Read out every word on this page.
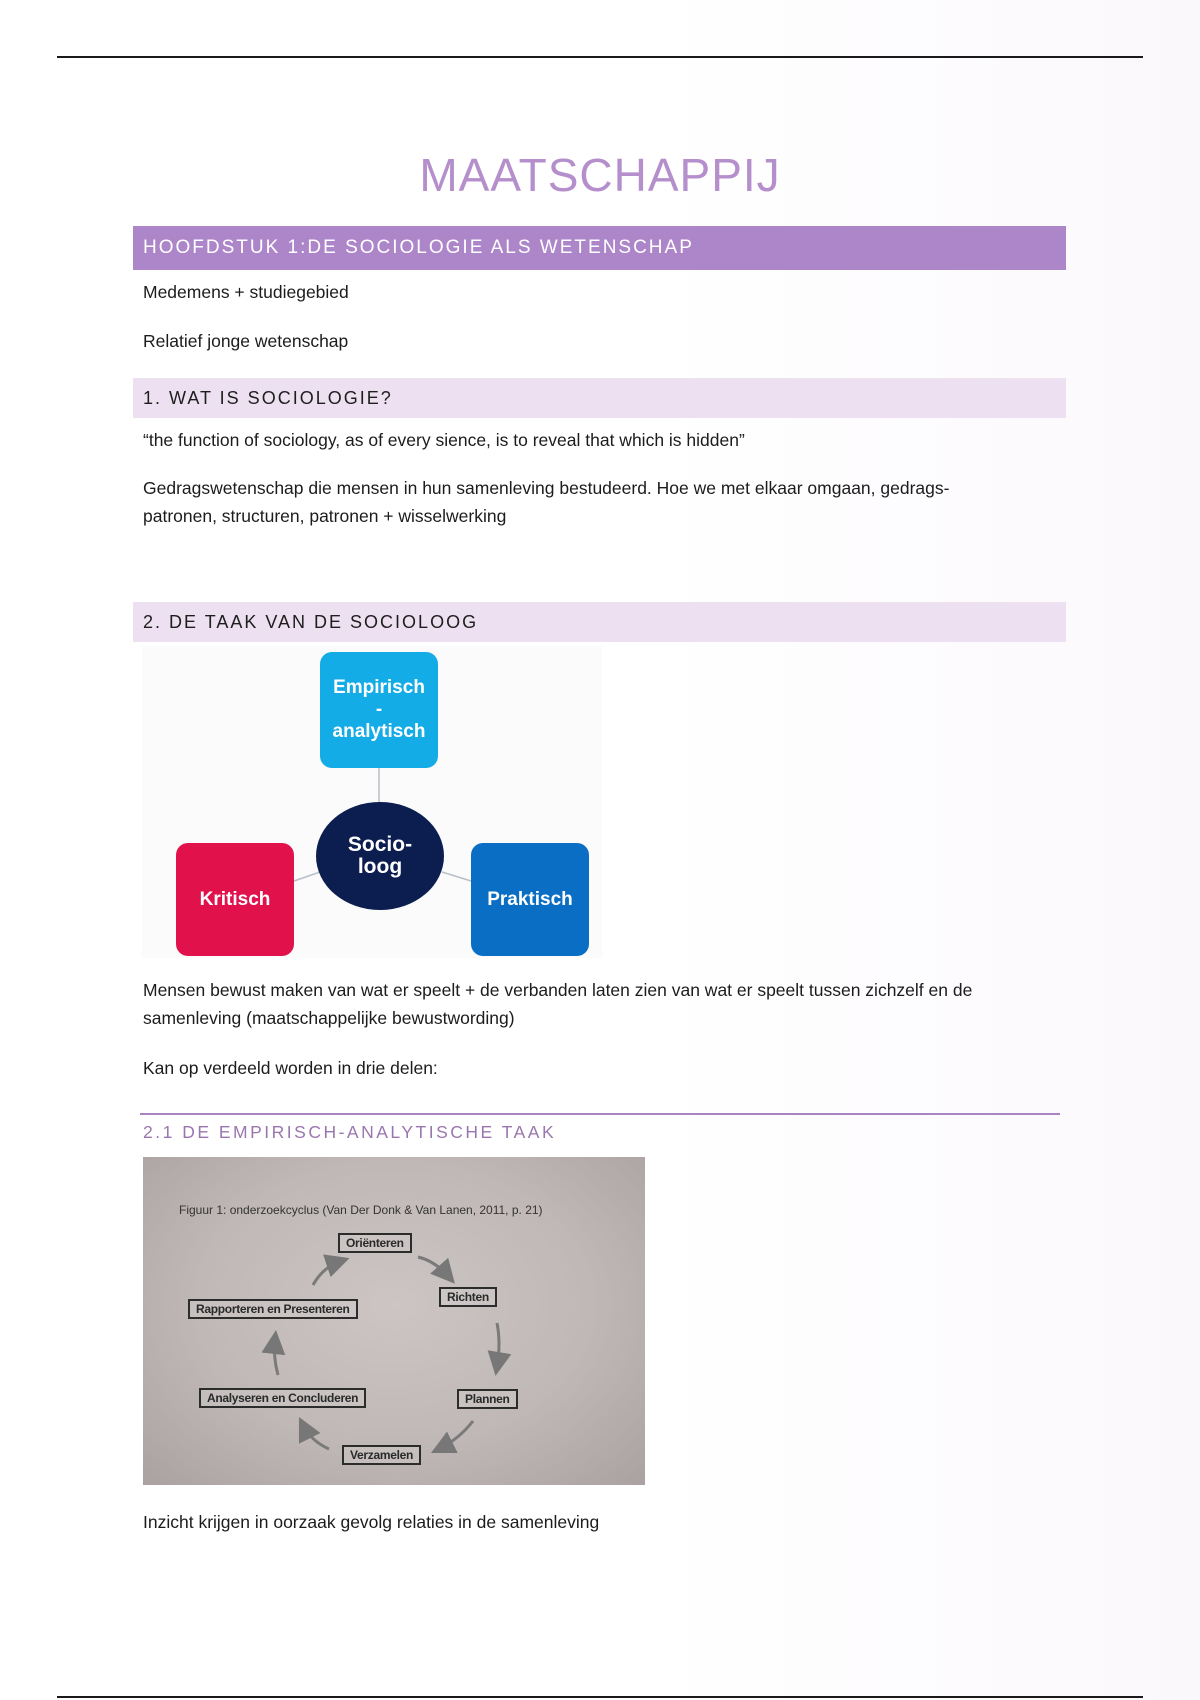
MAATSCHAPPIJ
HOOFDSTUK 1:DE SOCIOLOGIE ALS WETENSCHAP
Medemens + studiegebied
Relatief jonge wetenschap
1. WAT IS SOCIOLOGIE?
“the function of sociology, as of every sience, is to reveal that which is hidden”
Gedragswetenschap die mensen in hun samenleving bestudeerd. Hoe we met elkaar omgaan, gedrags-
patronen, structuren, patronen + wisselwerking
2. DE TAAK VAN DE SOCIOLOOG
Empirisch
-
analytisch
Socio-
loog
Kritisch	Praktisch
Mensen bewust maken van wat er speelt + de verbanden laten zien van wat er speelt tussen zichzelf en de
samenleving (maatschappelijke bewustwording)
Kan op verdeeld worden in drie delen:
2.1 DE EMPIRISCH-ANALYTISCHE TAAK
Figuur 1: onderzoekcyclus (Van Der Donk & Van Lanen, 2011, p. 21)
Oriënteren
Richten
Plannen
Verzamelen
Analyseren en Concluderen
Rapporteren en Presenteren
Inzicht krijgen in oorzaak gevolg relaties in de samenleving
